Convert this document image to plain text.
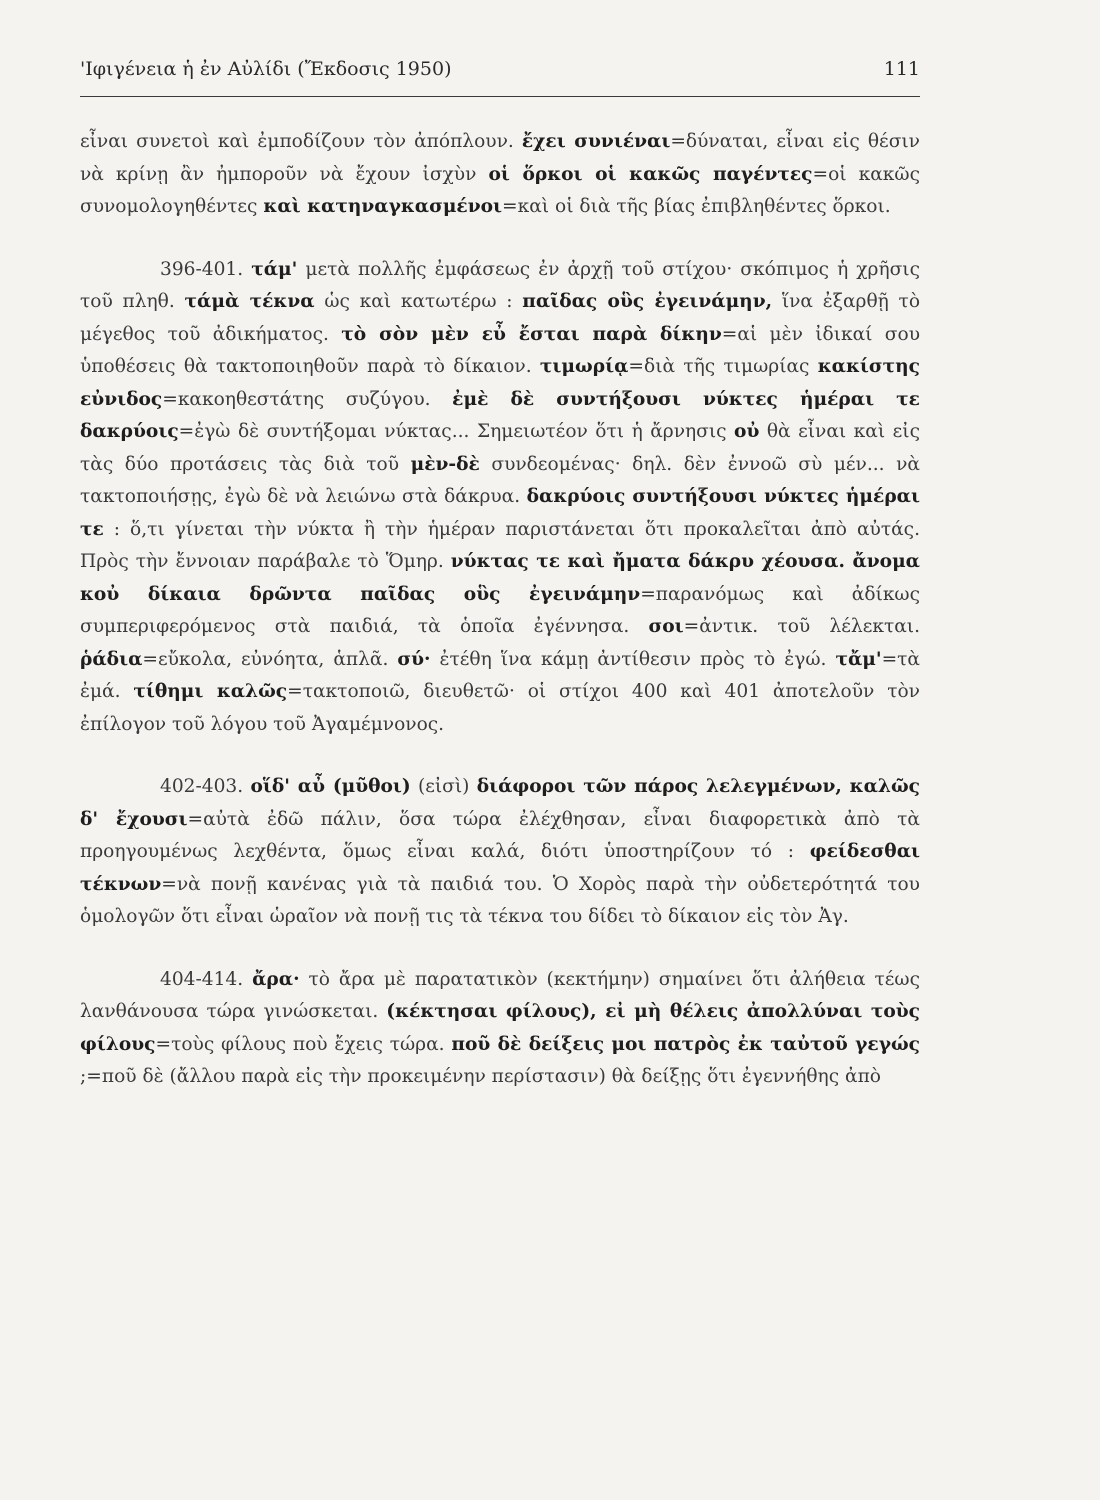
'Ιφιγένεια ἡ ἐν Αὐλίδι (Ἔκδοσις 1950)	111

εἶναι συνετοὶ καὶ ἐμποδίζουν τὸν ἀπόπλουν. ἔχει συνιέναι=δύναται, εἶναι εἰς θέσιν νὰ κρίνῃ ἂν ἠμποροῦν νὰ ἔχουν ἰσχὺν οἱ ὅρκοι οἱ κακῶς παγέντες=οἱ κακῶς συνομολογηθέντες καὶ κατηναγκασμένοι=καὶ οἱ διὰ τῆς βίας ἐπιβληθέντες ὅρκοι.

396-401. τάμ' μετὰ πολλῆς ἐμφάσεως ἐν ἀρχῇ τοῦ στίχου· σκόπιμος ἡ χρῆσις τοῦ πληθ. τάμὰ τέκνα ὡς καὶ κατωτέρω : παῖδας οὓς ἐγεινάμην, ἵνα ἐξαρθῇ τὸ μέγεθος τοῦ ἀδικήματος. τὸ σὸν μὲν εὖ ἔσται παρὰ δίκην=αἱ μὲν ἰδικαί σου ὑποθέσεις θὰ τακτοποιηθοῦν παρὰ τὸ δίκαιον. τιμωρίᾳ=διὰ τῆς τιμωρίας κακίστης εὐνιδος=κακοηθεστάτης συζύγου. ἐμὲ δὲ συντήξουσι νύκτες ἡμέραι τε δακρύοις=ἐγὼ δὲ συντήξομαι νύκτας... Σημειωτέον ὅτι ἡ ἄρνησις οὐ θὰ εἶναι καὶ εἰς τὰς δύο προτάσεις τὰς διὰ τοῦ μὲν-δὲ συνδεομένας· δηλ. δὲν ἐννοῶ σὺ μέν... νὰ τακτοποιήσῃς, ἐγὼ δὲ νὰ λειώνω στὰ δάκρυα. δακρύοις συντήξουσι νύκτες ἡμέραι τε : ὅ,τι γίνεται τὴν νύκτα ἢ τὴν ἡμέραν παριστάνεται ὅτι προκαλεῖται ἀπὸ αὐτάς. Πρὸς τὴν ἔννοιαν παράβαλε τὸ Ὅμηρ. νύκτας τε καὶ ἤματα δάκρυ χέουσα. ἄνομα κοὐ δίκαια δρῶντα παῖδας οὓς ἐγεινάμην=παρανόμως καὶ ἀδίκως συμπεριφερόμενος στὰ παιδιά, τὰ ὁποῖα ἐγέννησα. σοι=ἀντικ. τοῦ λέλεκται. ῥάδια=εὔκολα, εὐνόητα, ἁπλᾶ. σύ· ἐτέθη ἵνα κάμῃ ἀντίθεσιν πρὸς τὸ ἐγώ. τἄμ'=τὰ ἐμά. τίθημι καλῶς=τακτοποιῶ, διευθετῶ· οἱ στίχοι 400 καὶ 401 ἀποτελοῦν τὸν ἐπίλογον τοῦ λόγου τοῦ Ἀγαμέμνονος.

402-403. οἵδ' αὖ (μῦθοι) (εἰσὶ) διάφοροι τῶν πάρος λελεγμένων, καλῶς δ' ἔχουσι=αὐτὰ ἐδῶ πάλιν, ὅσα τώρα ἐλέχθησαν, εἶναι διαφορετικὰ ἀπὸ τὰ προηγουμένως λεχθέντα, ὅμως εἶναι καλά, διότι ὑποστηρίζουν τό : φείδεσθαι τέκνων=νὰ πονῇ κανένας γιὰ τὰ παιδιά του. Ὁ Χορὸς παρὰ τὴν οὐδετερότητά του ὁμολογῶν ὅτι εἶναι ὡραῖον νὰ πονῇ τις τὰ τέκνα του δίδει τὸ δίκαιον εἰς τὸν Ἀγ.

404-414. ἄρα· τὸ ἄρα μὲ παρατατικὸν (κεκτήμην) σημαίνει ὅτι ἀλήθεια τέως λανθάνουσα τώρα γινώσκεται. (κέκτησαι φίλους), εἰ μὴ θέλεις ἀπολλύναι τοὺς φίλους=τοὺς φίλους ποὺ ἔχεις τώρα. ποῦ δὲ δείξεις μοι πατρὸς ἐκ ταὐτοῦ γεγώς ;=ποῦ δὲ (ἄλλου παρὰ εἰς τὴν προκειμένην περίστασιν) θὰ δείξῃς ὅτι ἐγεννήθης ἀπὸ
